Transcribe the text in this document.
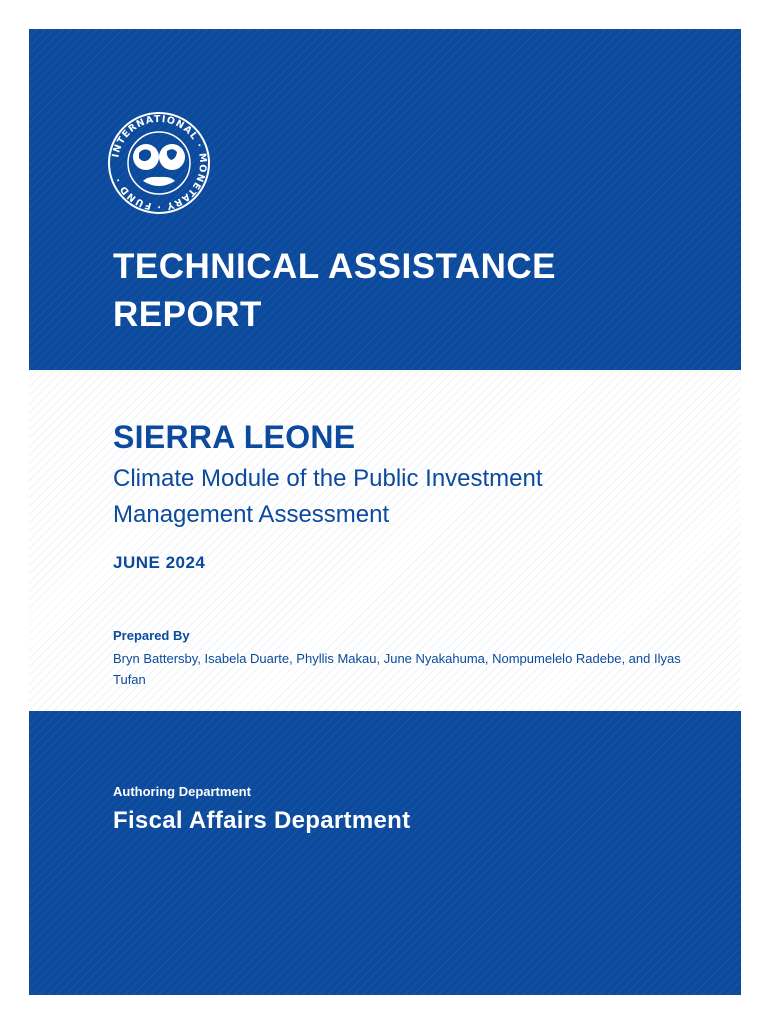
INTERNATIONAL · MONETARY · FUND ·
TECHNICAL ASSISTANCE REPORT
SIERRA LEONE

Climate Module of the Public Investment Management Assessment

JUNE 2024
Prepared By

Bryn Battersby, Isabela Duarte, Phyllis Makau, June Nyakahuma, Nompumelelo Radebe, and Ilyas Tufan

Authoring Department
Fiscal Affairs Department
